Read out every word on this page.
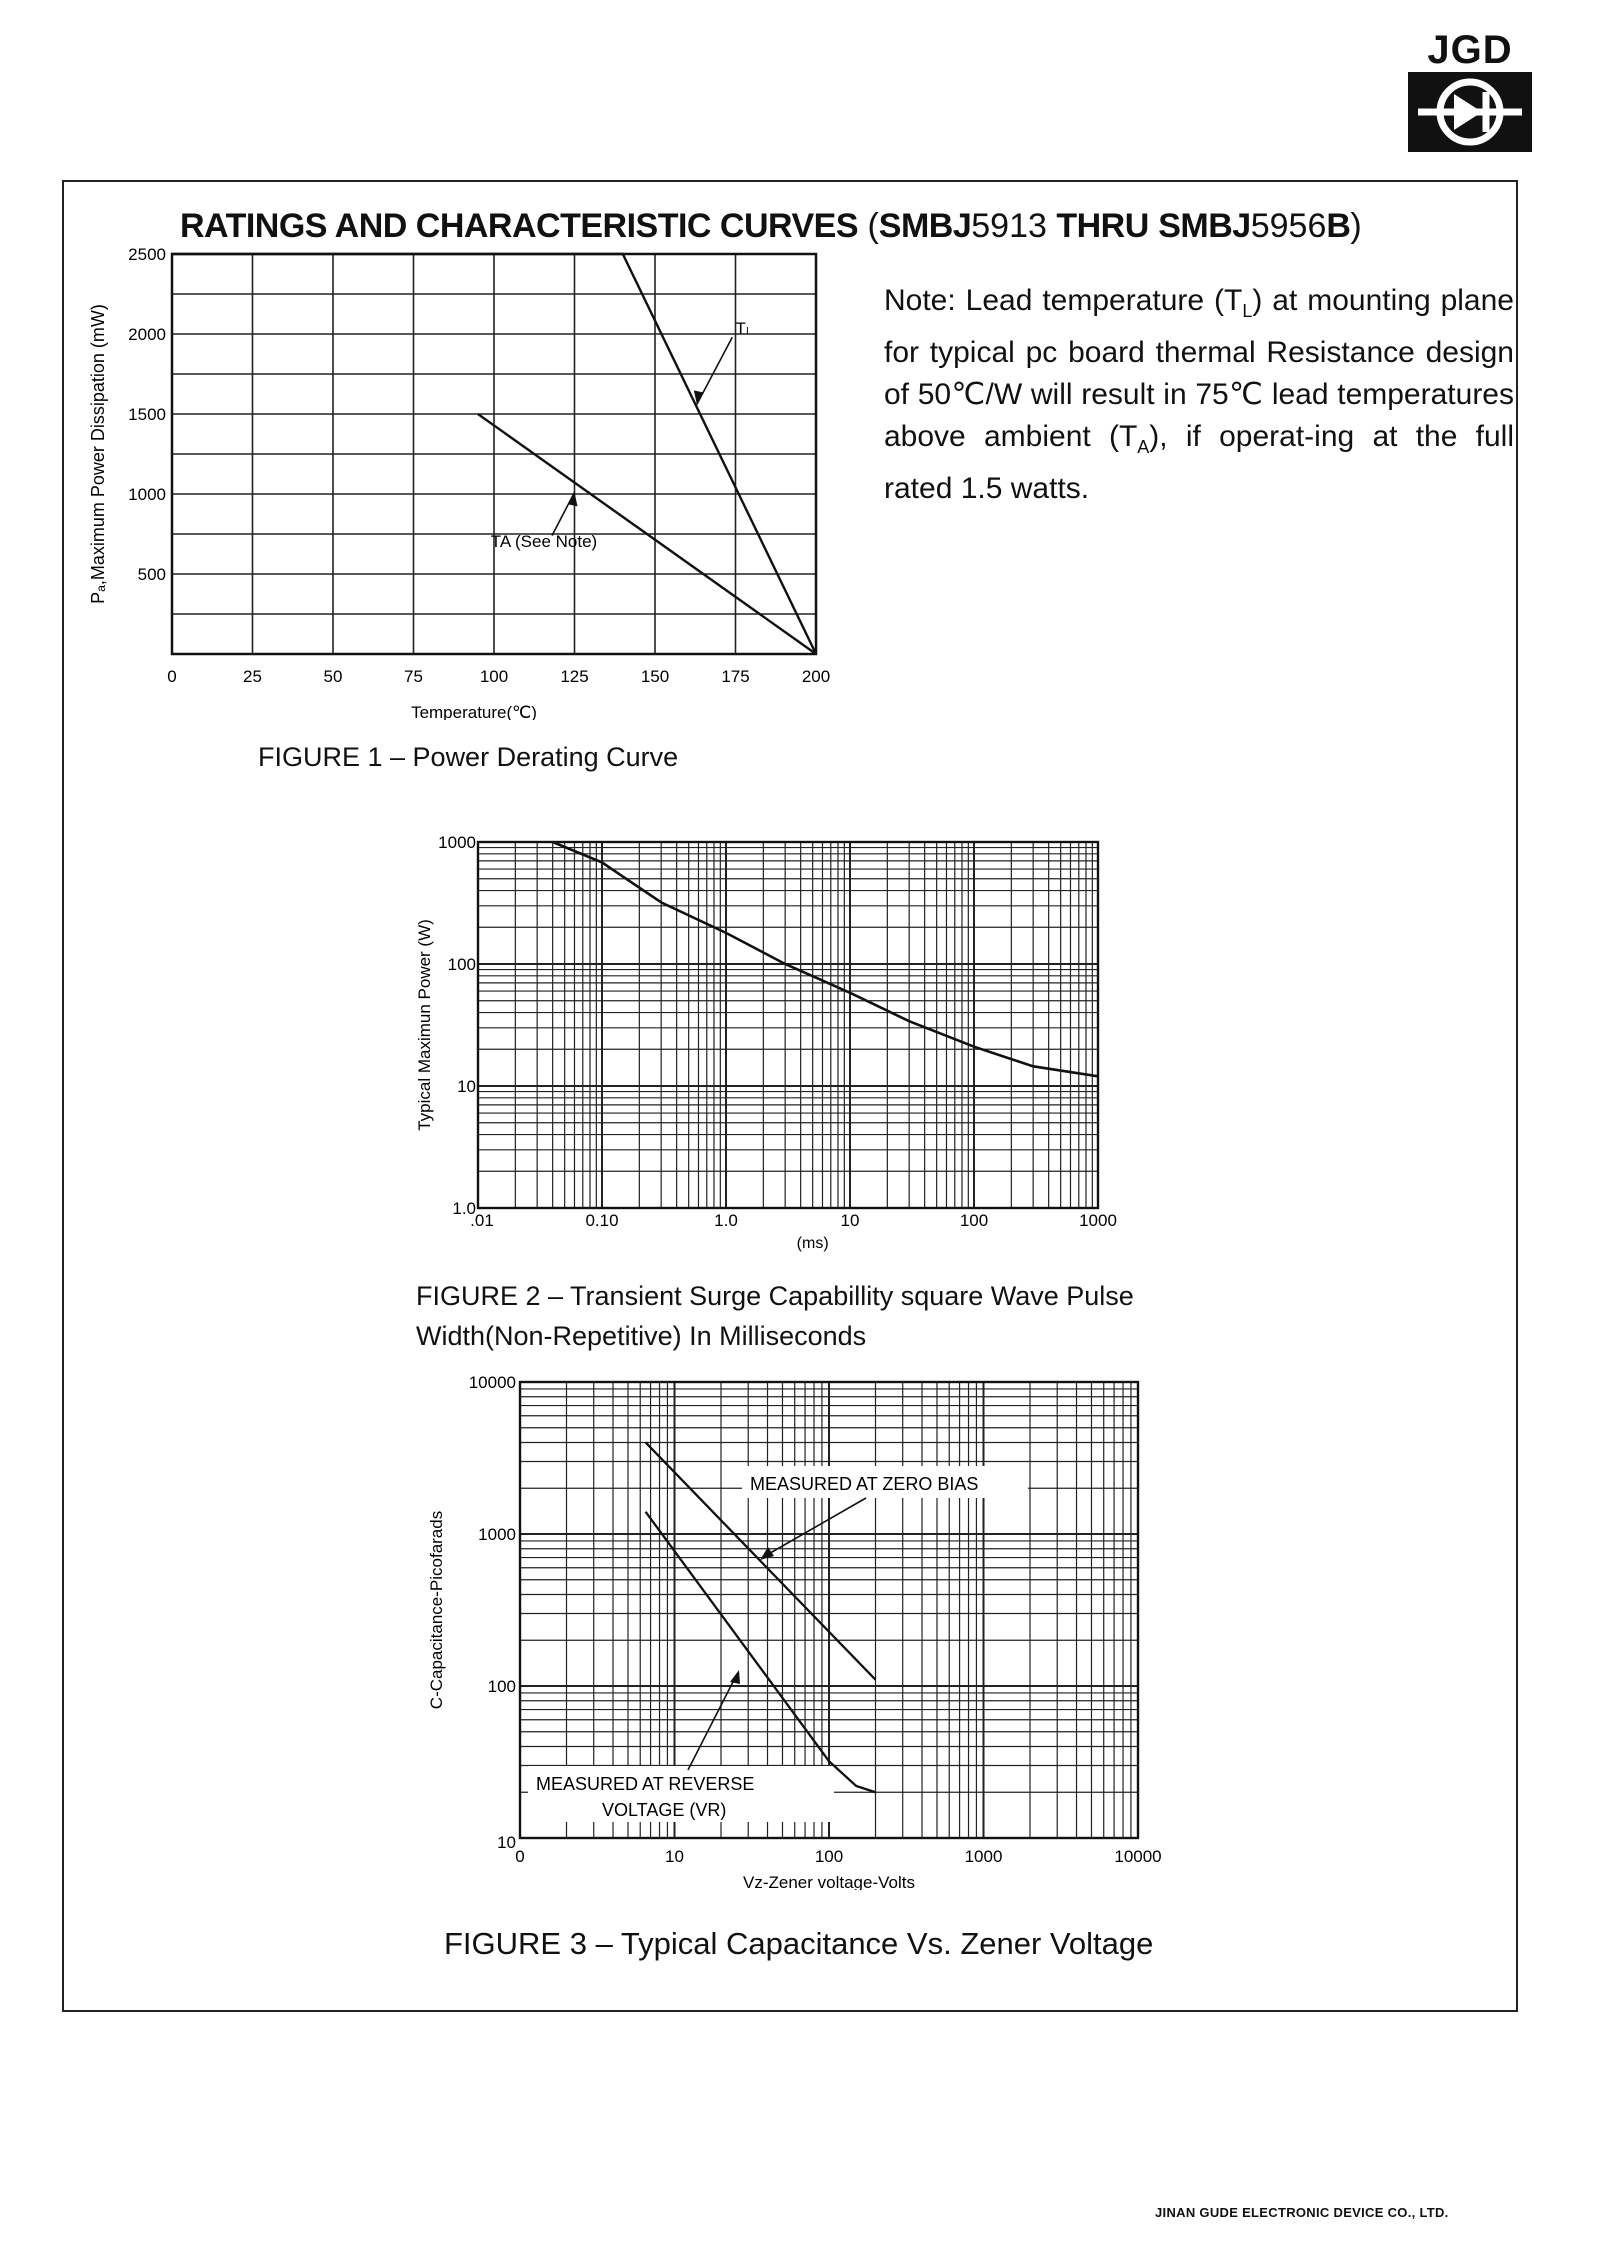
JGD
RATINGS AND CHARACTERISTIC CURVES (SMBJ5913 THRU SMBJ5956B)
Note: Lead temperature $(T_L)$ at mounting plane for typical pc board thermal Resistance design of 50℃/W will result in 75℃ lead temperatures above ambient $(T_A)$, if operat-ing at the full rated 1.5 watts.
0	25	50	75	100	125	150	175	200
500
1000
1500
2000
2500
Temperature(℃)
Pₐ,Maximum Power Dissipation (mW)	Tₗ
TA (See Note)
FIGURE 1 – Power Derating Curve
.01	0.10	1.0	10	100	1000
1.0
10
100
1000
(ms)
Typical Maximun Power (W)
FIGURE 2 – Transient Surge Capabillity square Wave Pulse Width(Non-Repetitive) In Milliseconds
0	10	100	1000	10000
10
100
1000
10000
Vz-Zener voltage-Volts
C-Capacitance-Picofarads
MEASURED AT ZERO BIAS
MEASURED AT REVERSE
VOLTAGE (VR)
FIGURE 3 – Typical Capacitance Vs. Zener Voltage
JINAN GUDE ELECTRONIC DEVICE CO., LTD.
